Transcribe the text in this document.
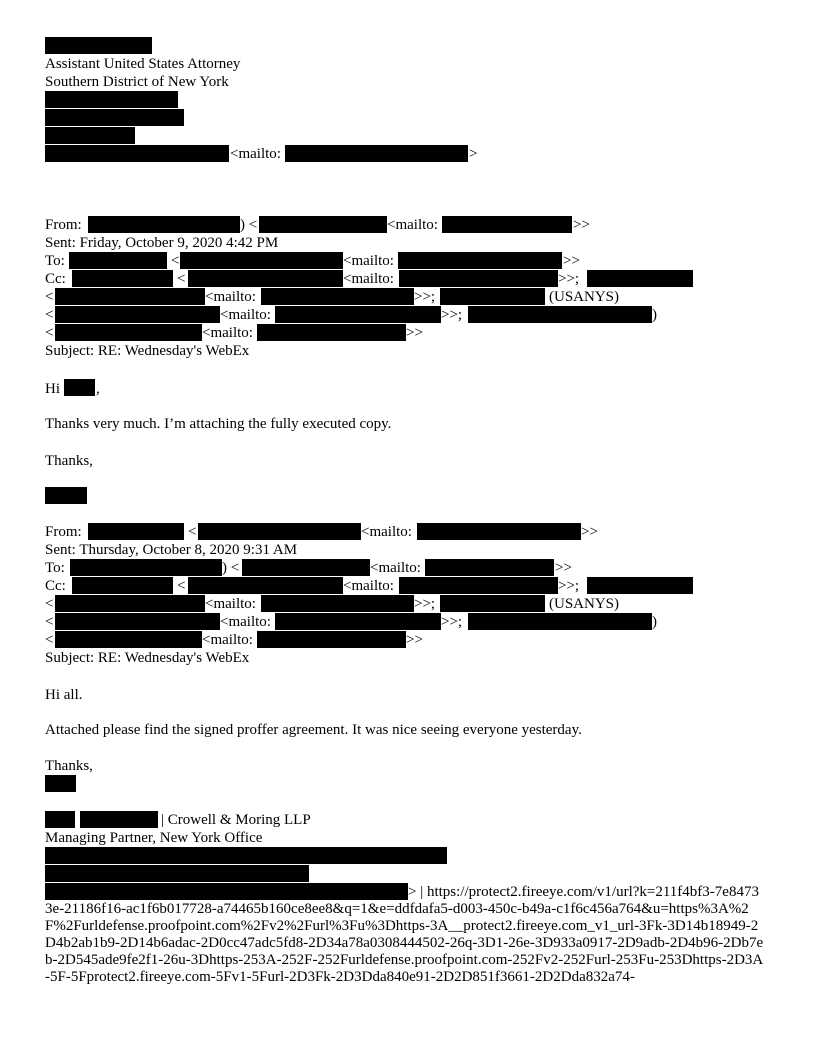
Assistant United States Attorney
Southern District of New York
<mailto:	>
From:	) <	<mailto:	>>
Sent: Friday, October 9, 2020 4:42 PM
To:	<	<mailto:	>>
Cc:	<	<mailto:	>>;
<	<mailto:	>>;	(USANYS)
<	<mailto:	>>;	)
<	<mailto:	>>
Subject: RE: Wednesday's WebEx
Hi ,
Thanks very much. I’m attaching the fully executed copy.
Thanks,
From:	<	<mailto:	>>
Sent: Thursday, October 8, 2020 9:31 AM
To:	) <	<mailto:	>>
Cc:	<	<mailto:	>>;
<	<mailto:	>>;	(USANYS)
<	<mailto:	>>;	)
<	<mailto:	>>
Subject: RE: Wednesday's WebEx
Hi all.
Attached please find the signed proffer agreement. It was nice seeing everyone yesterday.
Thanks,
| Crowell & Moring LLP
Managing Partner, New York Office
> | https://protect2.fireeye.com/v1/url?k=211f4bf3-7e84733e-21186f16-ac1f6b017728-a74465b160ce8ee8&q=1&e=ddfdafa5-d003-450c-b49a-c1f6c456a764&u=https%3A%2F%2Furldefense.proofpoint.com%2Fv2%2Furl%3Fu%3Dhttps-3A__protect2.fireeye.com_v1_url-3Fk-3D14b18949-2D4b2ab1b9-2D14b6adac-2D0cc47adc5fd8-2D34a78a0308444502-26q-3D1-26e-3D933a0917-2D9adb-2D4b96-2Db7eb-2D545ade9fe2f1-26u-3Dhttps-253A-252F-252Furldefense.proofpoint.com-252Fv2-252Furl-253Fu-253Dhttps-2D3A-5F-5Fprotect2.fireeye.com-5Fv1-5Furl-2D3Fk-2D3Dda840e91-2D2D851f3661-2D2Dda832a74-
